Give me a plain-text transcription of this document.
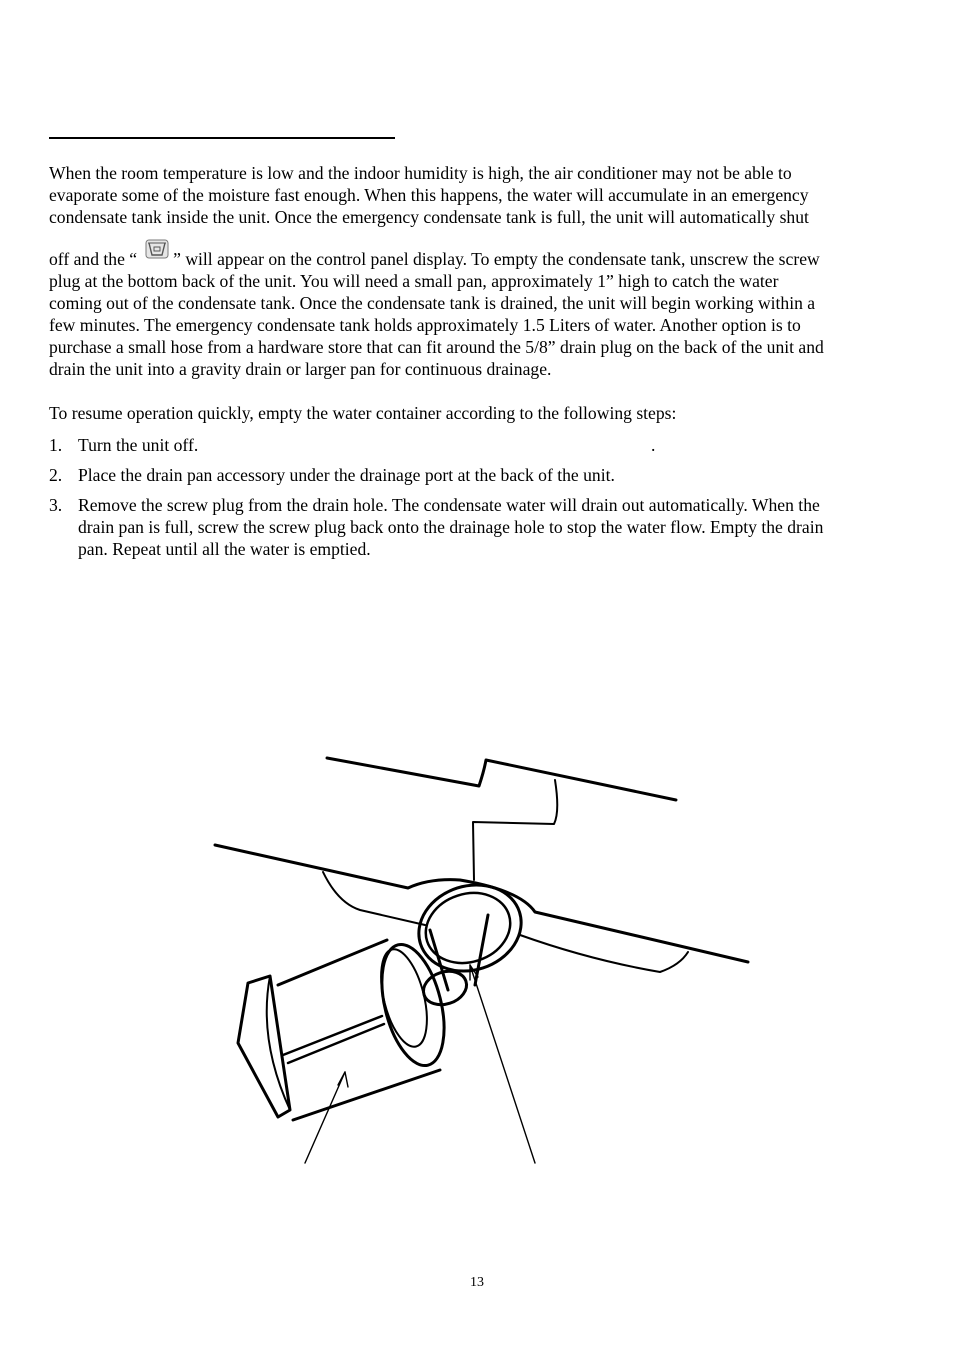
When the room temperature is low and the indoor humidity is high, the air conditioner may not be able to
evaporate some of the moisture fast enough. When this happens, the water will accumulate in an emergency
condensate tank inside the unit. Once the emergency condensate tank is full, the unit will automatically shut
off and the “ ” will appear on the control panel display. To empty the condensate tank, unscrew the screw
plug at the bottom back of the unit. You will need a small pan, approximately 1” high to catch the water
coming out of the condensate tank. Once the condensate tank is drained, the unit will begin working within a
few minutes. The emergency condensate tank holds approximately 1.5 Liters of water. Another option is to
purchase a small hose from a hardware store that can fit around the 5/8” drain plug on the back of the unit and
drain the unit into a gravity drain or larger pan for continuous drainage.

To resume operation quickly, empty the water container according to the following steps:

1. Turn the unit off.	.
2. Place the drain pan accessory under the drainage port at the back of the unit.
3. Remove the screw plug from the drain hole. The condensate water will drain out automatically. When the
drain pan is full, screw the screw plug back onto the drainage hole to stop the water flow. Empty the drain
pan. Repeat until all the water is emptied.
13
